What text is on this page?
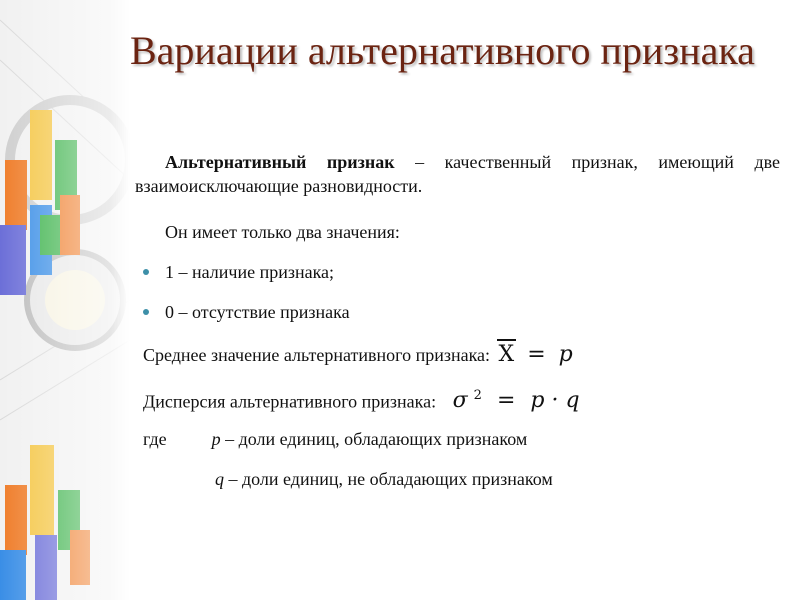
Вариации альтернативного признака

Альтернативный признак – качественный признак, имеющий две взаимоисключающие разновидности.

Он имеет только два значения:
1 – наличие признака;
0 – отсутствие признака
Среднее значение альтернативного признака: X = p
Дисперсия альтернативного признака: σ $^2$ = p · q
где	p – доли единиц, обладающих признаком
q – доли единиц, не обладающих признаком
